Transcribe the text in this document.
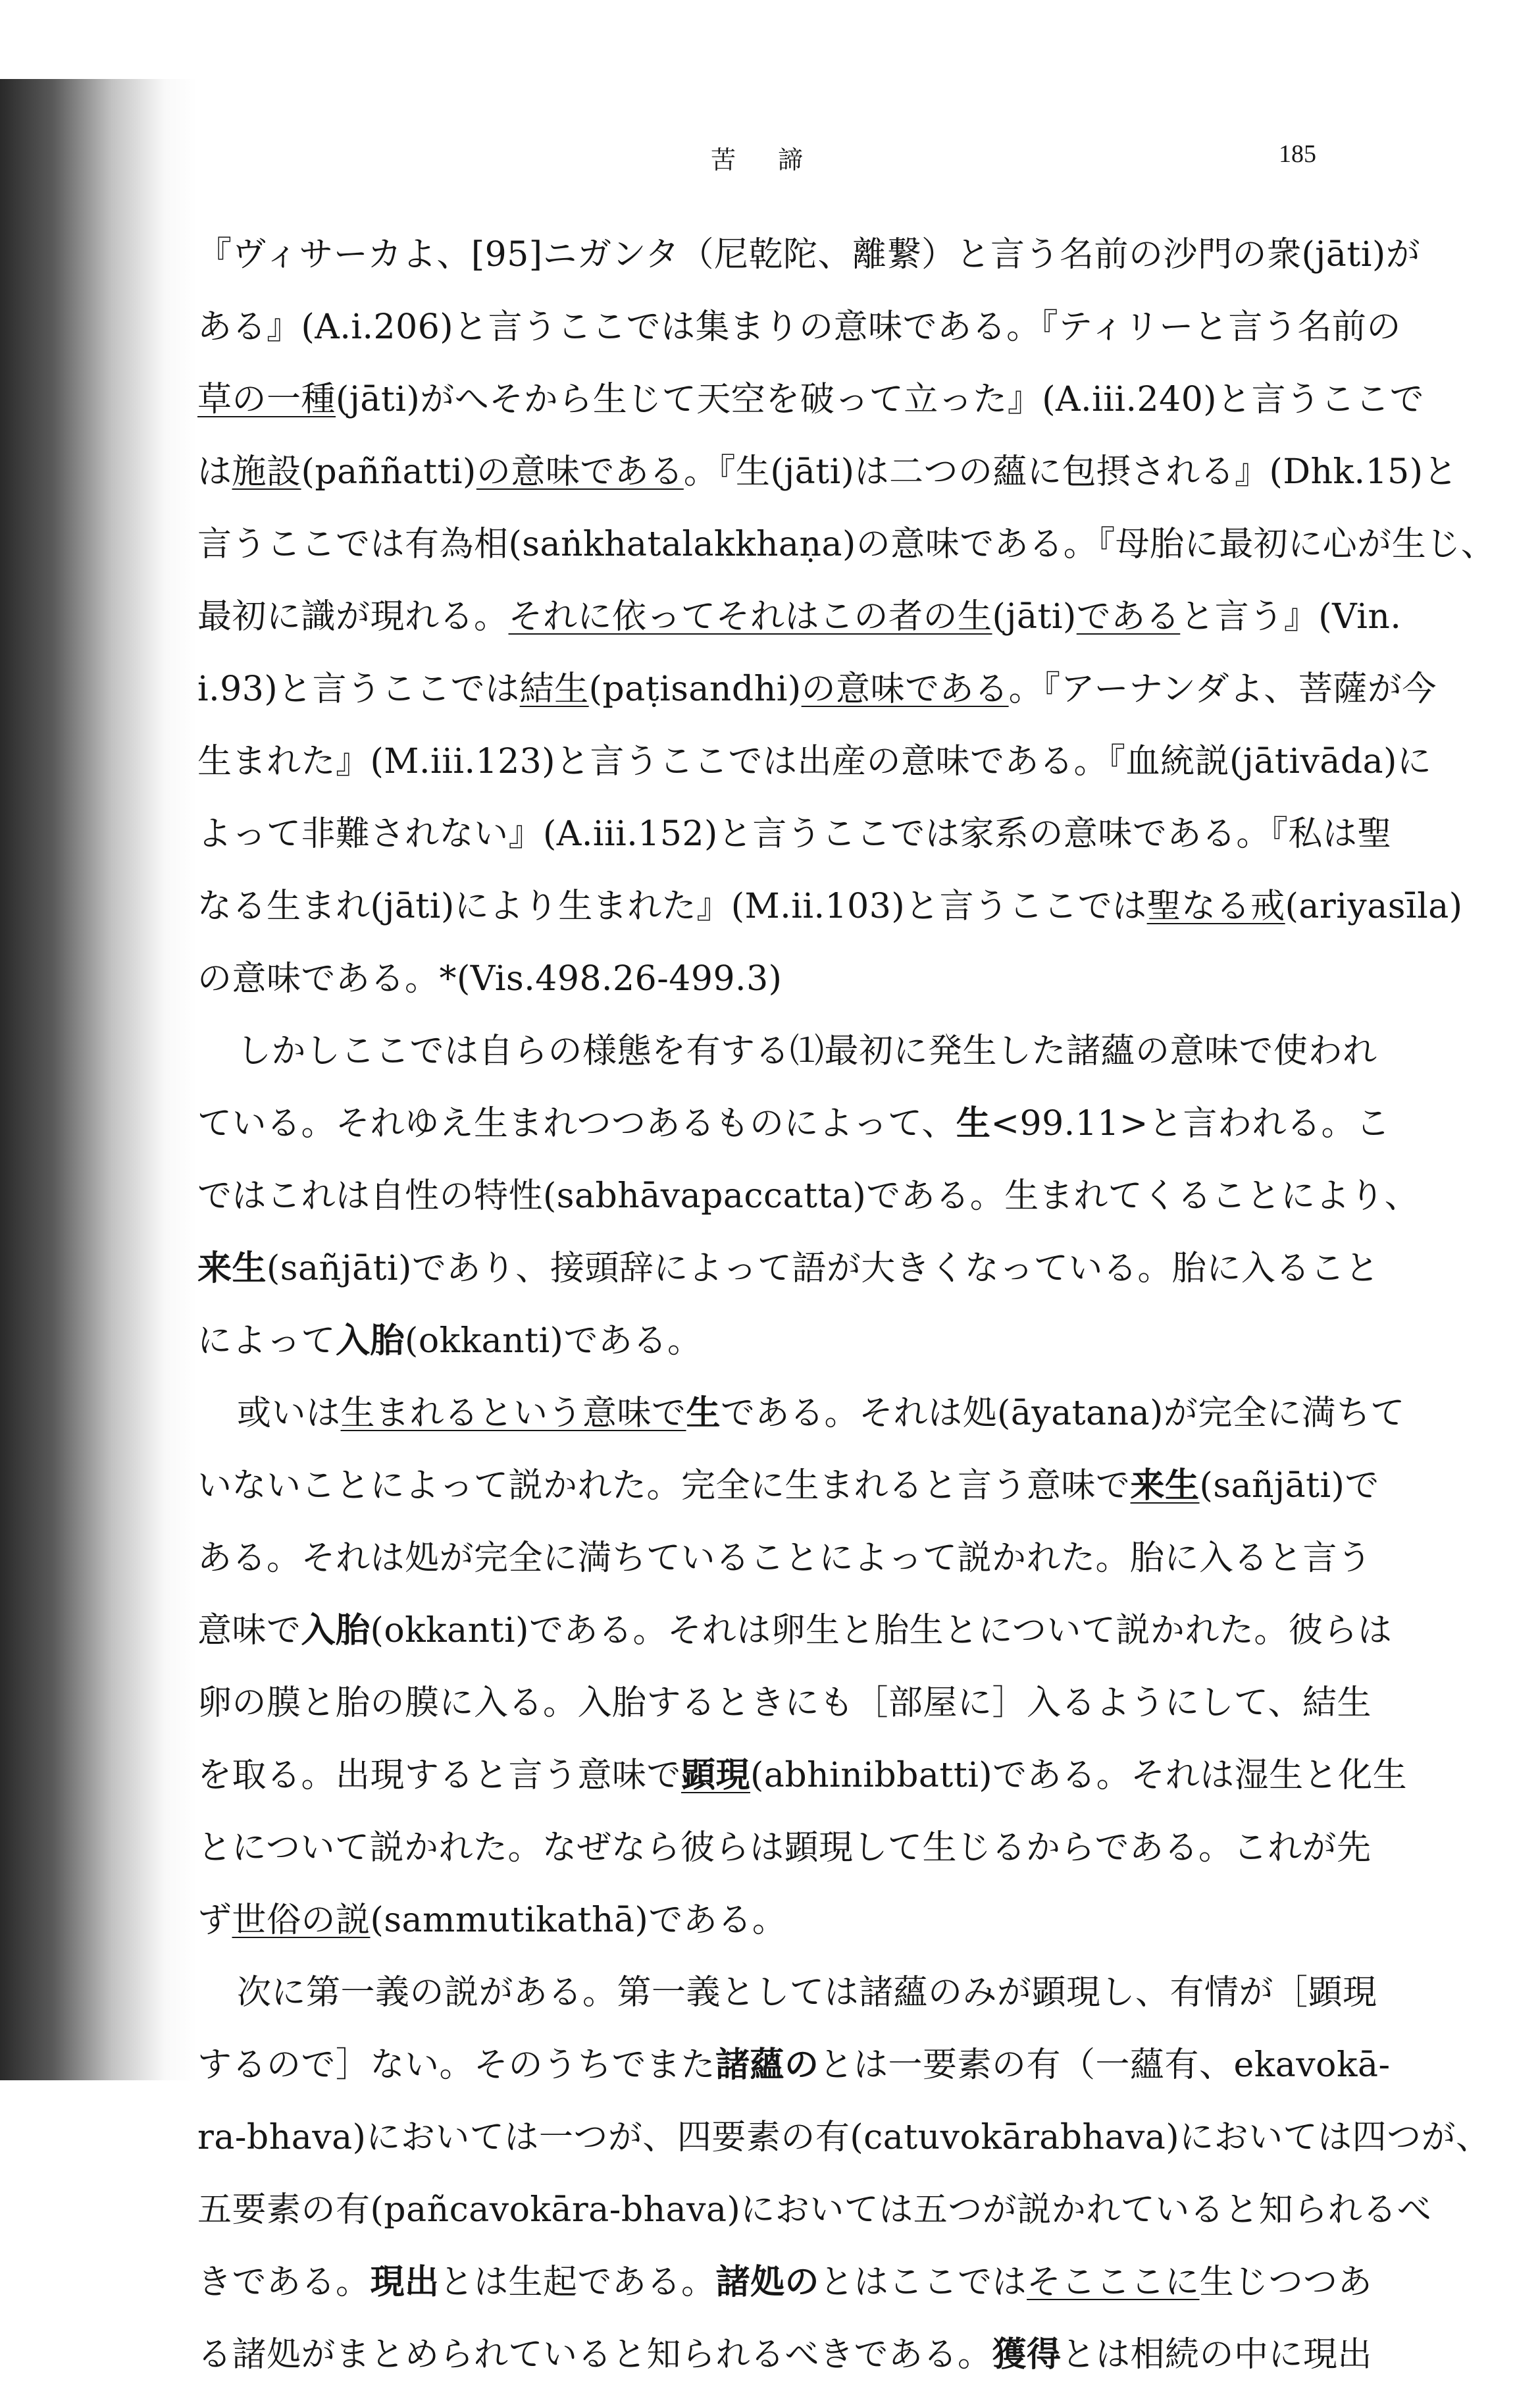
苦 諦	185
『ヴィサーカよ、[95]ニガンタ（尼乾陀、離繋）と言う名前の沙門の衆(jāti)が
ある』(A.i.206)と言うここでは集まりの意味である。『ティリーと言う名前の
草の一種(jāti)がへそから生じて天空を破って立った』(A.iii.240)と言うここで
は施設(paññatti)の意味である。『生(jāti)は二つの蘊に包摂される』(Dhk.15)と
言うここでは有為相(saṅkhatalakkhaṇa)の意味である。『母胎に最初に心が生じ、
最初に識が現れる。それに依ってそれはこの者の生(jāti)であると言う』(Vin.
i.93)と言うここでは結生(paṭisandhi)の意味である。『アーナンダよ、菩薩が今
生まれた』(M.iii.123)と言うここでは出産の意味である。『血統説(jātivāda)に
よって非難されない』(A.iii.152)と言うここでは家系の意味である。『私は聖
なる生まれ(jāti)により生まれた』(M.ii.103)と言うここでは聖なる戒(ariyasīla)
の意味である。*(Vis.498.26-499.3)
しかしここでは自らの様態を有する⑴最初に発生した諸蘊の意味で使われ
ている。それゆえ生まれつつあるものによって、生<99.11>と言われる。こ
ではこれは自性の特性(sabhāvapaccatta)である。生まれてくることにより、
来生(sañjāti)であり、接頭辞によって語が大きくなっている。胎に入ること
によって入胎(okkanti)である。
或いは生まれるという意味で生である。それは処(āyatana)が完全に満ちて
いないことによって説かれた。完全に生まれると言う意味で来生(sañjāti)で
ある。それは処が完全に満ちていることによって説かれた。胎に入ると言う
意味で入胎(okkanti)である。それは卵生と胎生とについて説かれた。彼らは
卵の膜と胎の膜に入る。入胎するときにも［部屋に］入るようにして、結生
を取る。出現すると言う意味で顕現(abhinibbatti)である。それは湿生と化生
とについて説かれた。なぜなら彼らは顕現して生じるからである。これが先
ず世俗の説(sammutikathā)である。
次に第一義の説がある。第一義としては諸蘊のみが顕現し、有情が［顕現
するので］ない。そのうちでまた諸蘊のとは一要素の有（一蘊有、ekavokā-
ra-bhava)においては一つが、四要素の有(catuvokārabhava)においては四つが、
五要素の有(pañcavokāra-bhava)においては五つが説かれていると知られるべ
きである。現出とは生起である。諸処のとはここではそこここに生じつつあ
る諸処がまとめられていると知られるべきである。獲得とは相続の中に現出
